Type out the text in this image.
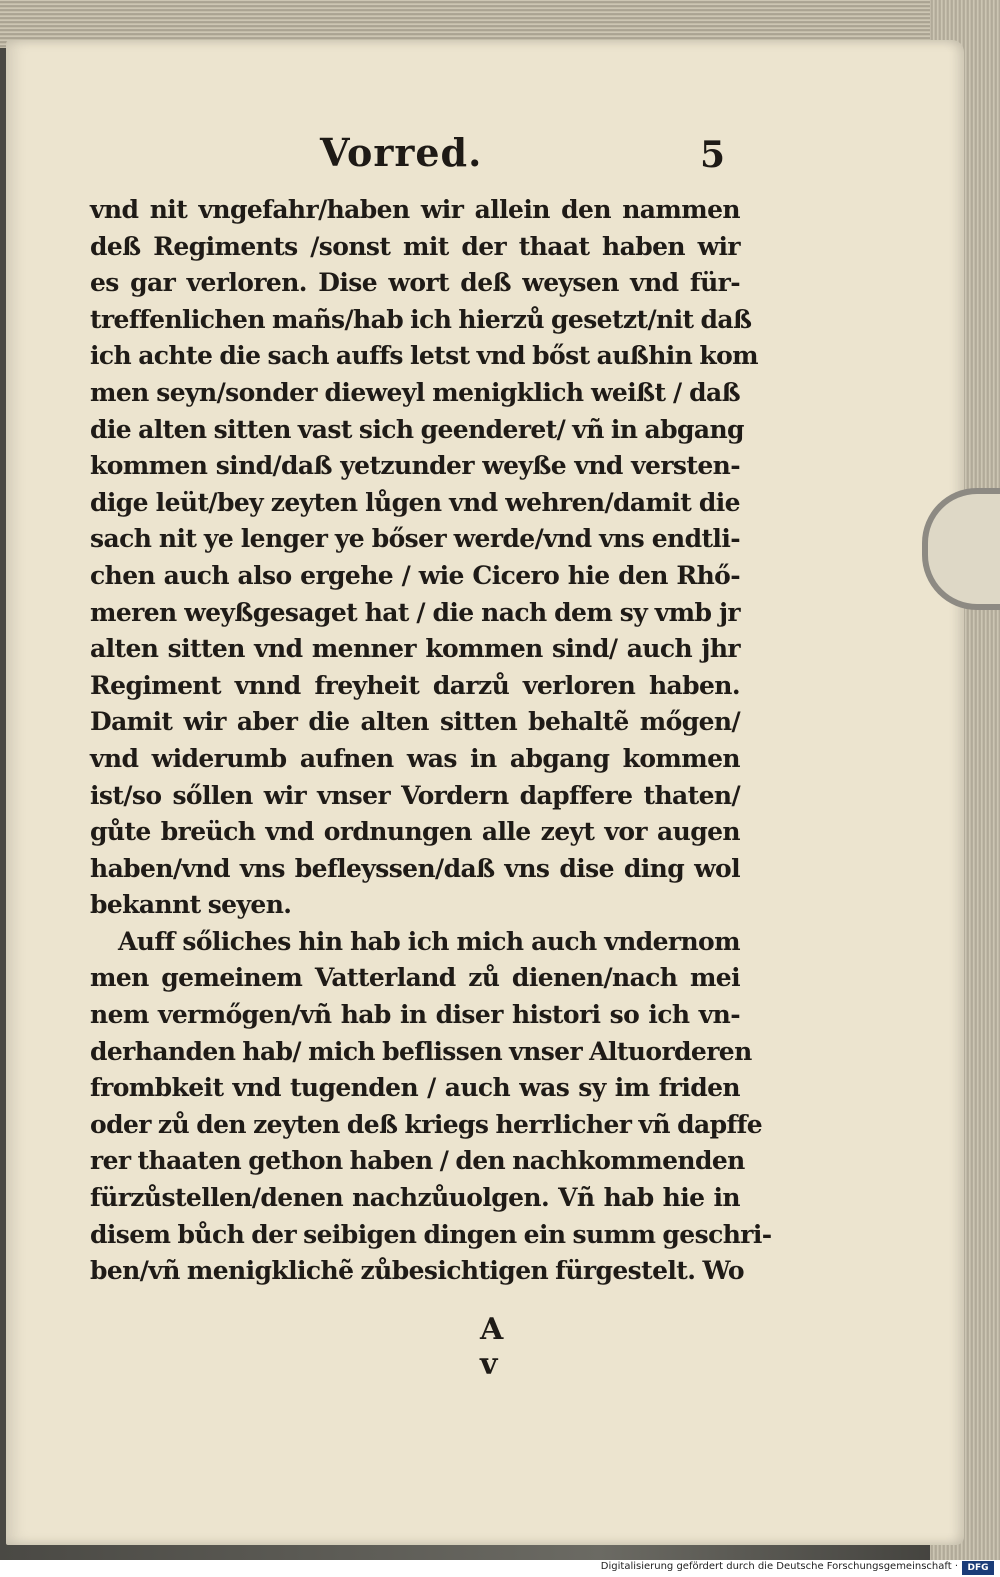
Vorred.	5
vnd nit vngefahr/haben wir allein den nammen
deß Regiments /sonst mit der thaat haben wir
es gar verloren. Dise wort deß weysen vnd für-
treffenlichen mañs/hab ich hierzů gesetzt/nit daß
ich achte die sach auffs letst vnd bőst außhin kom
men seyn/sonder dieweyl menigklich weißt / daß
die alten sitten vast sich geenderet/ vñ in abgang
kommen sind/daß yetzunder weyße vnd versten-
dige leüt/bey zeyten lůgen vnd wehren/damit die
sach nit ye lenger ye bőser werde/vnd vns endtli-
chen auch also ergehe / wie Cicero hie den Rhő-
meren weyßgesaget hat / die nach dem sy vmb jr
alten sitten vnd menner kommen sind/ auch jhr
Regiment vnnd freyheit darzů verloren haben.
Damit wir aber die alten sitten behaltẽ mőgen/
vnd widerumb aufnen was in abgang kommen
ist/so sőllen wir vnser Vordern dapffere thaten/
gůte breüch vnd ordnungen alle zeyt vor augen
haben/vnd vns befleyssen/daß vns dise ding wol
bekannt seyen.
Auff sőliches hin hab ich mich auch vndernom
men gemeinem Vatterland zů dienen/nach mei
nem vermőgen/vñ hab in diser histori so ich vn-
derhanden hab/ mich beflissen vnser Altuorderen
frombkeit vnd tugenden / auch was sy im friden
oder zů den zeyten deß kriegs herrlicher vñ dapffe
rer thaaten gethon haben / den nachkommenden
fürzůstellen/denen nachzůuolgen. Vñ hab hie in
disem bůch der seibigen dingen ein summ geschri-
ben/vñ menigklichẽ zůbesichtigen fürgestelt. Wo
A v
Digitalisierung gefördert durch die Deutsche Forschungsgemeinschaft ·	DFG
